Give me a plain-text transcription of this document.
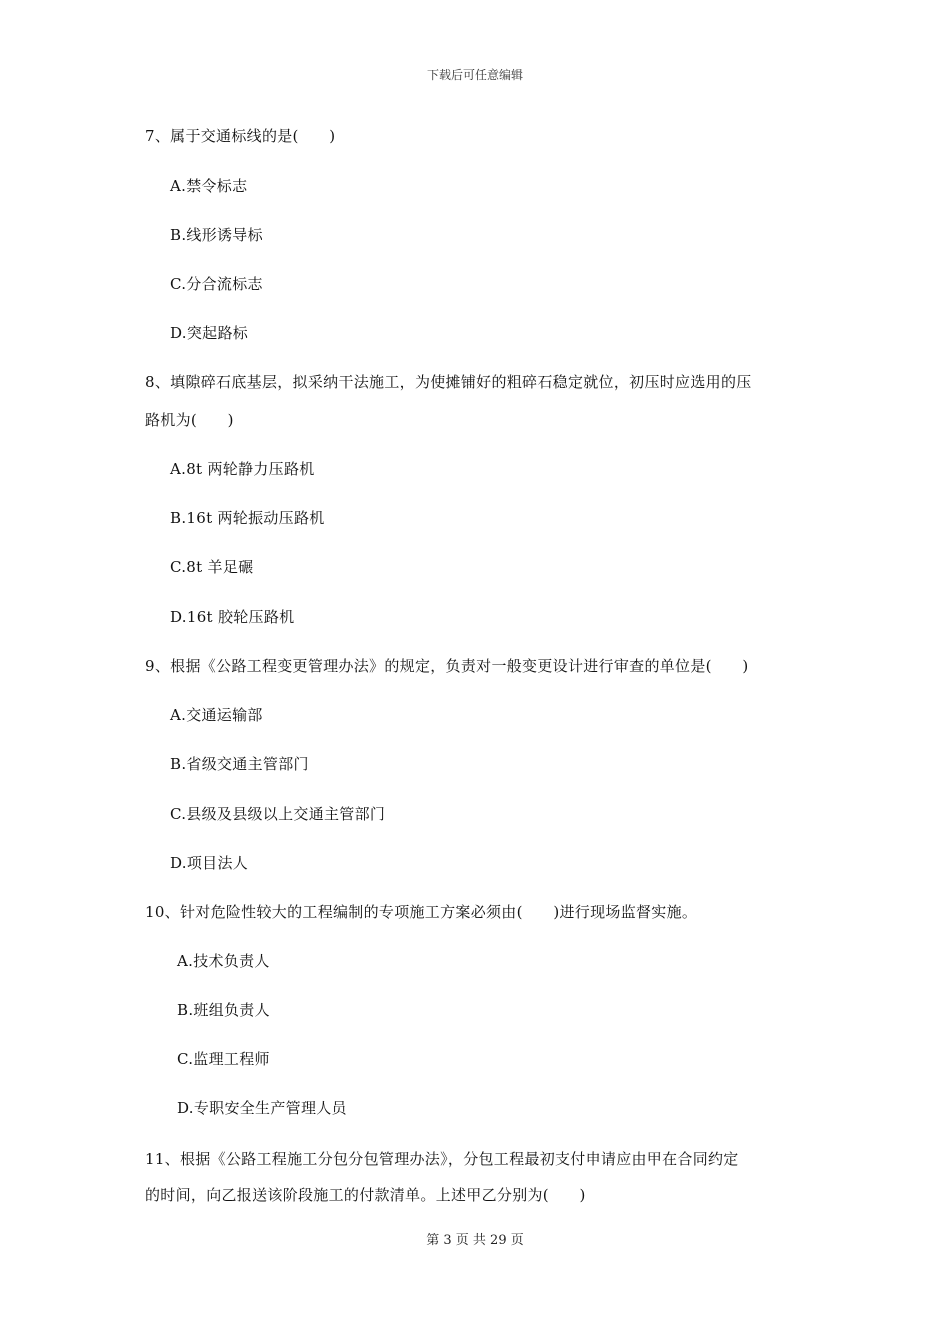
下载后可任意编辑
7、属于交通标线的是(　　)
A.禁令标志
B.线形诱导标
C.分合流标志
D.突起路标
8、填隙碎石底基层，拟采纳干法施工，为使摊铺好的粗碎石稳定就位，初压时应选用的压
路机为(　　)
A.8t 两轮静力压路机
B.16t 两轮振动压路机
C.8t 羊足碾
D.16t 胶轮压路机
9、根据《公路工程变更管理办法》的规定，负责对一般变更设计进行审查的单位是(　　)
A.交通运输部
B.省级交通主管部门
C.县级及县级以上交通主管部门
D.项目法人
10、针对危险性较大的工程编制的专项施工方案必须由(　　)进行现场监督实施。
A.技术负责人
B.班组负责人
C.监理工程师
D.专职安全生产管理人员
11、根据《公路工程施工分包分包管理办法》，分包工程最初支付申请应由甲在合同约定
的时间，向乙报送该阶段施工的付款清单。上述甲乙分别为(　　)
第 3 页 共 29 页
